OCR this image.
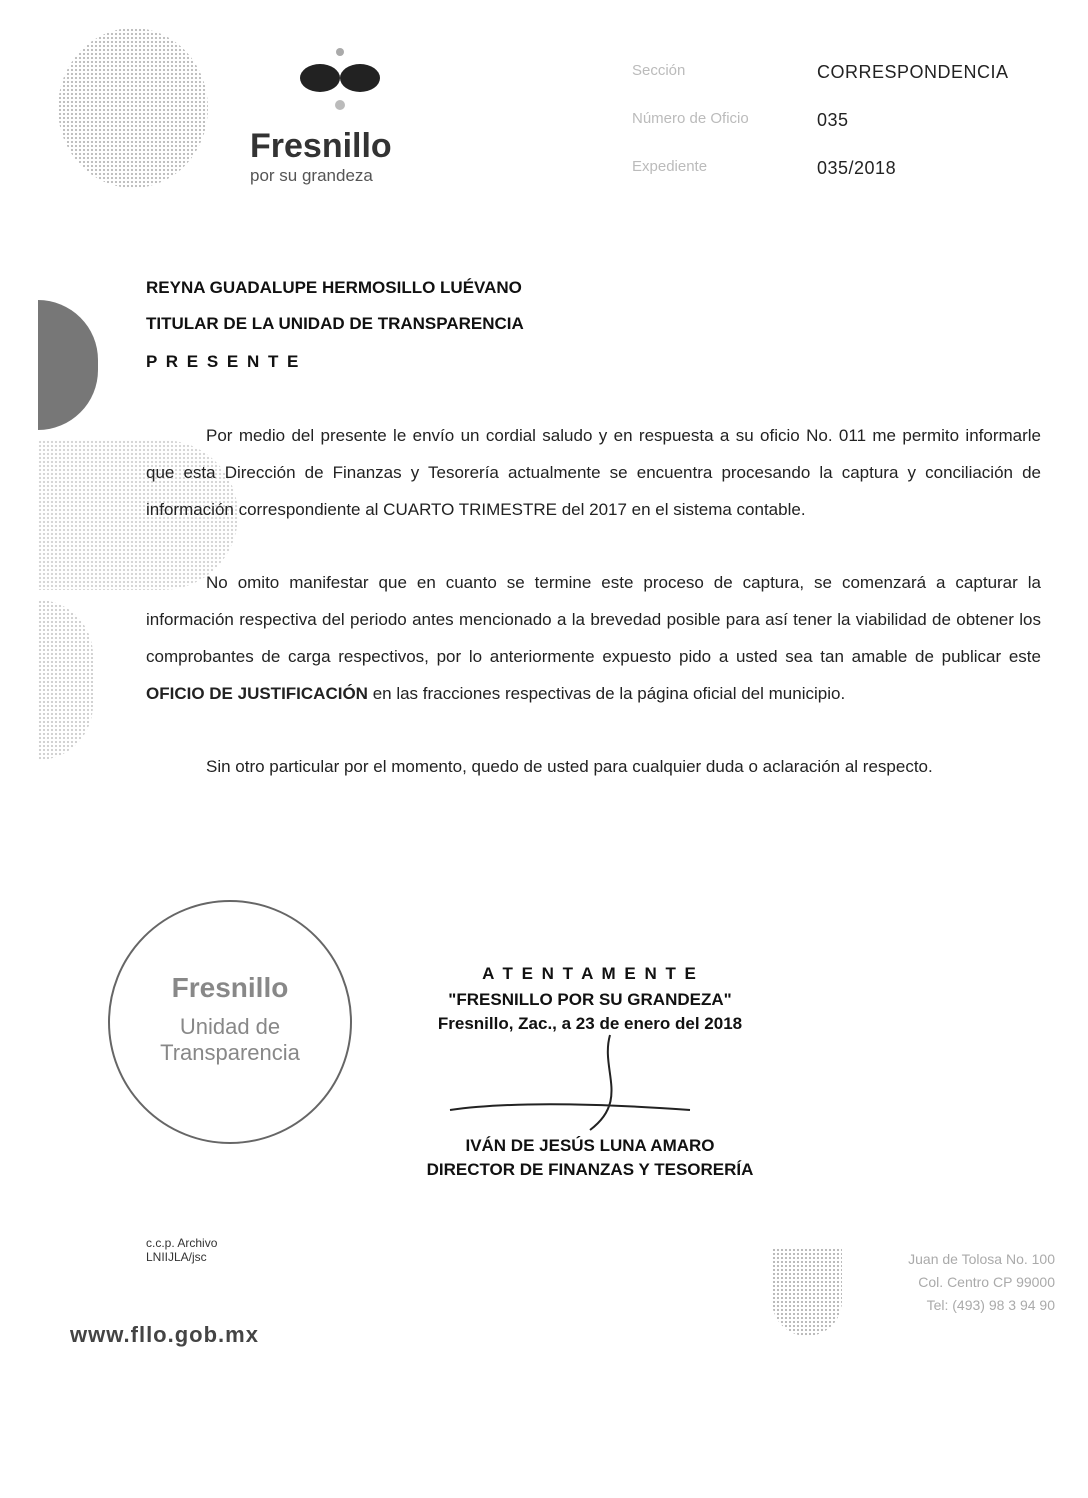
Fresnillo
por su grandeza
Sección	CORRESPONDENCIA
Número de Oficio	035
Expediente	035/2018
REYNA GUADALUPE HERMOSILLO LUÉVANO
TITULAR DE LA UNIDAD DE TRANSPARENCIA
P R E S E N T E

Por medio del presente le envío un cordial saludo y en respuesta a su oficio No. 011 me permito informarle que esta Dirección de Finanzas y Tesorería actualmente se encuentra procesando la captura y conciliación de información correspondiente al CUARTO TRIMESTRE del 2017 en el sistema contable.

No omito manifestar que en cuanto se termine este proceso de captura, se comenzará a capturar la información respectiva del periodo antes mencionado a la brevedad posible para así tener la viabilidad de obtener los comprobantes de carga respectivos, por lo anteriormente expuesto pido a usted sea tan amable de publicar este OFICIO DE JUSTIFICACIÓN en las fracciones respectivas de la página oficial del municipio.

Sin otro particular por el momento, quedo de usted para cualquier duda o aclaración al respecto.

Fresnillo
Unidad de
Transparencia
A T E N T A M E N T E
"FRESNILLO POR SU GRANDEZA"
Fresnillo, Zac., a 23 de enero del 2018
IVÁN DE JESÚS LUNA AMARO
DIRECTOR DE FINANZAS Y TESORERÍA
c.c.p. Archivo
LNIIJLA/jsc
www.fllo.gob.mx
Juan de Tolosa No. 100
Col. Centro CP 99000
Tel: (493) 98 3 94 90
